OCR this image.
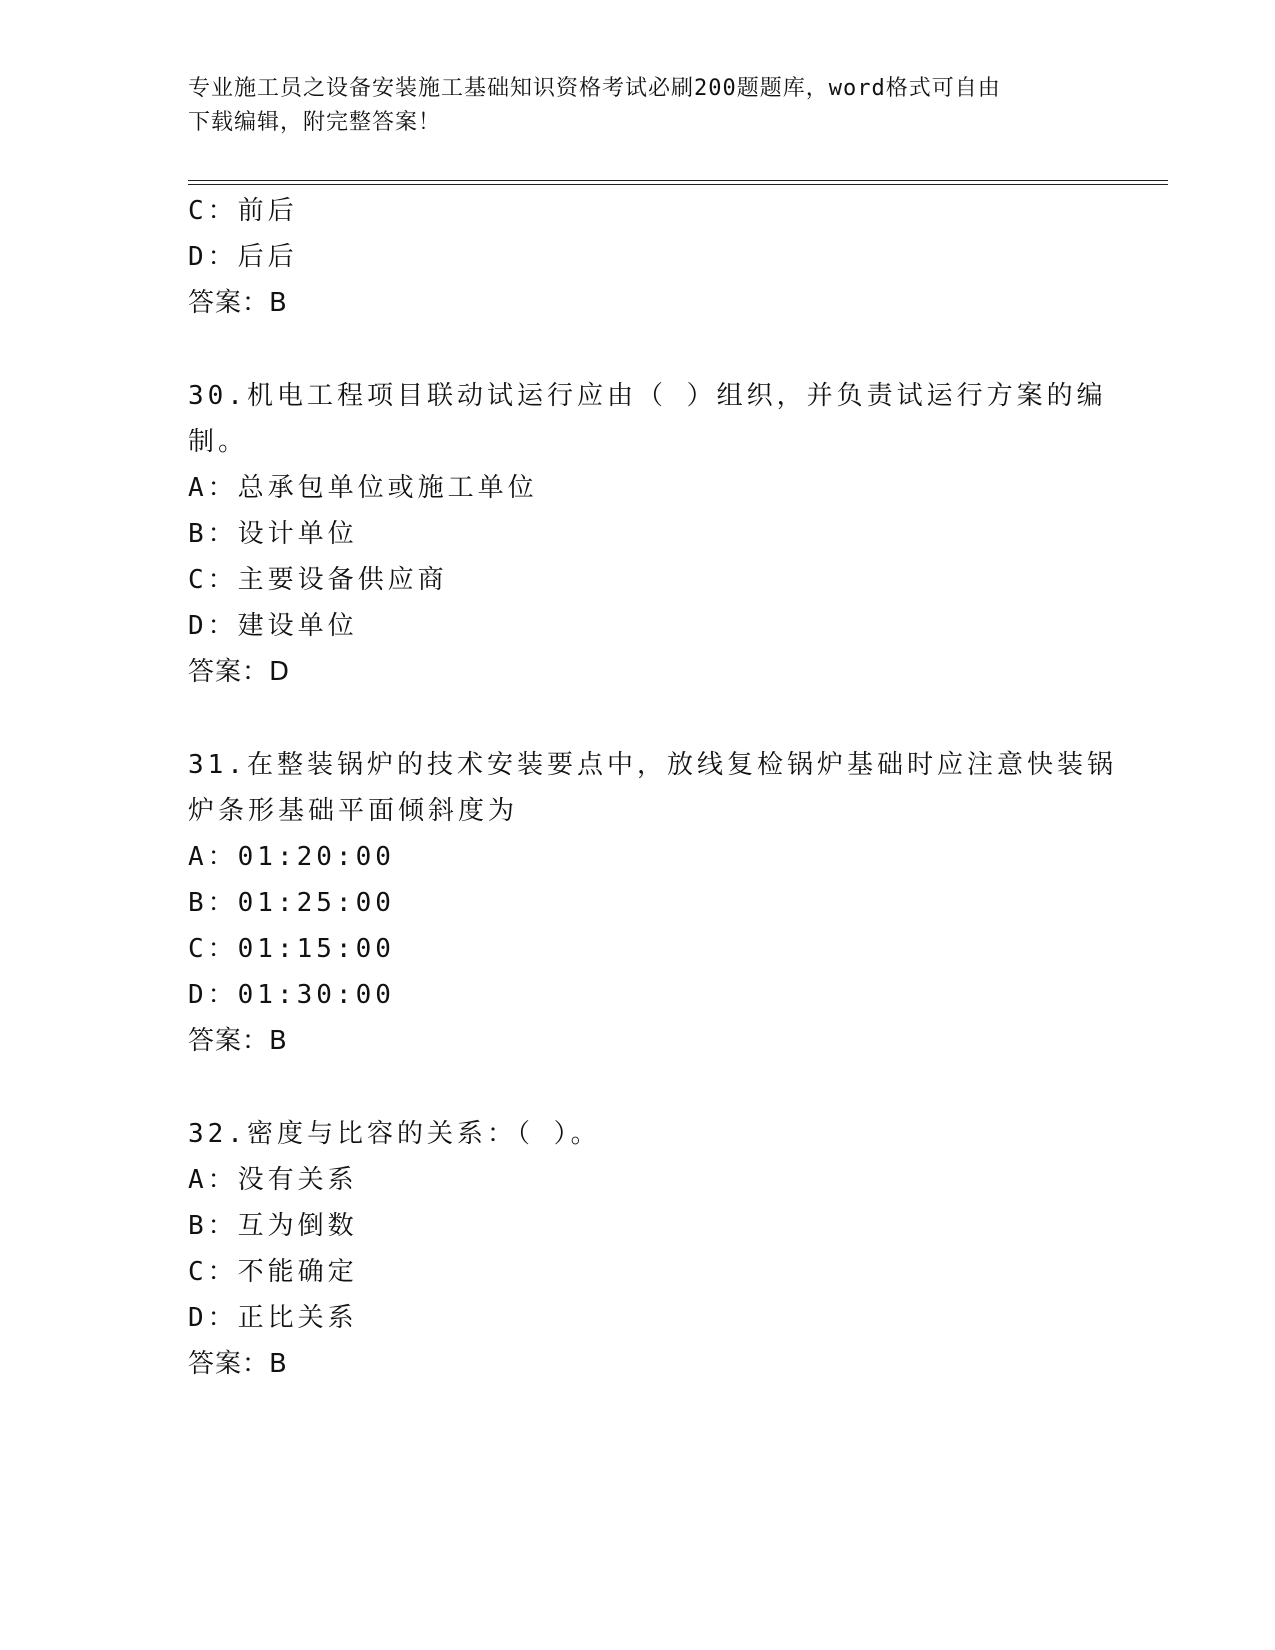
专业施工员之设备安装施工基础知识资格考试必刷200题题库，word格式可自由
下载编辑，附完整答案！
C：前后
D：后后
答案：B
30.机电工程项目联动试运行应由（ ）组织，并负责试运行方案的编
制。
A：总承包单位或施工单位
B：设计单位
C：主要设备供应商
D：建设单位
答案：D
31.在整装锅炉的技术安装要点中，放线复检锅炉基础时应注意快装锅
炉条形基础平面倾斜度为
A：01:20:00
B：01:25:00
C：01:15:00
D：01:30:00
答案：B
32.密度与比容的关系：（ ）。
A：没有关系
B：互为倒数
C：不能确定
D：正比关系
答案：B
